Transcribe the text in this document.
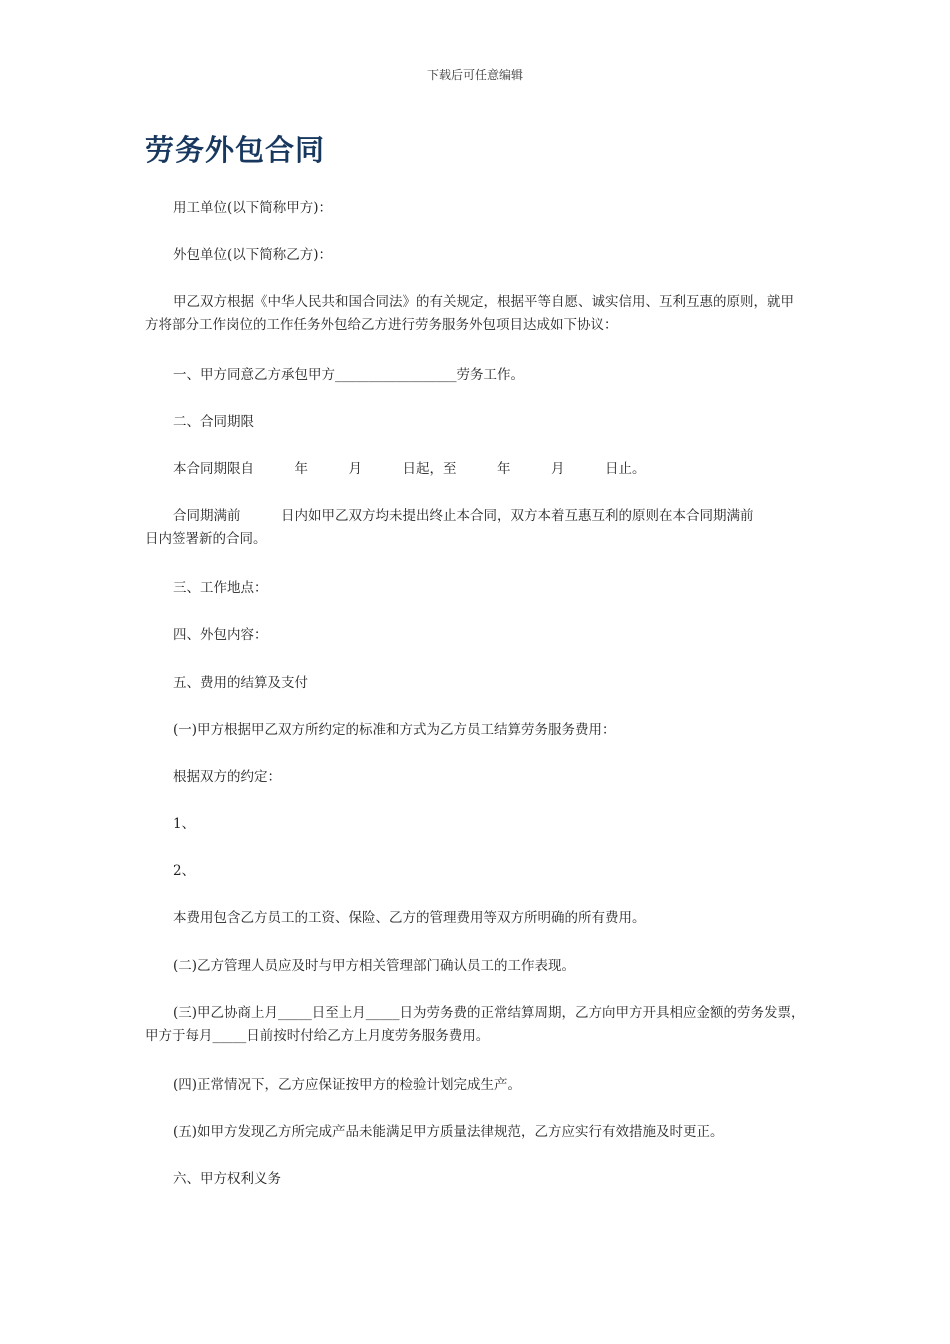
下载后可任意编辑
劳务外包合同

用工单位(以下简称甲方)：

外包单位(以下简称乙方)：

甲乙双方根据《中华人民共和国合同法》的有关规定，根据平等自愿、诚实信用、互利互惠的原则，就甲方将部分工作岗位的工作任务外包给乙方进行劳务服务外包项目达成如下协议：

一、甲方同意乙方承包甲方__________________劳务工作。

二、合同期限

本合同期限自　　　年　　　月　　　日起，至　　　年　　　月　　　日止。

合同期满前　　　日内如甲乙双方均未提出终止本合同，双方本着互惠互利的原则在本合同期满前　　　日内签署新的合同。

三、工作地点：

四、外包内容：

五、费用的结算及支付

(一)甲方根据甲乙双方所约定的标准和方式为乙方员工结算劳务服务费用：

根据双方的约定：

1、

2、

本费用包含乙方员工的工资、保险、乙方的管理费用等双方所明确的所有费用。

(二)乙方管理人员应及时与甲方相关管理部门确认员工的工作表现。

(三)甲乙协商上月_____日至上月_____日为劳务费的正常结算周期，乙方向甲方开具相应金额的劳务发票，甲方于每月_____日前按时付给乙方上月度劳务服务费用。

(四)正常情况下，乙方应保证按甲方的检验计划完成生产。

(五)如甲方发现乙方所完成产品未能满足甲方质量法律规范，乙方应实行有效措施及时更正。

六、甲方权利义务
